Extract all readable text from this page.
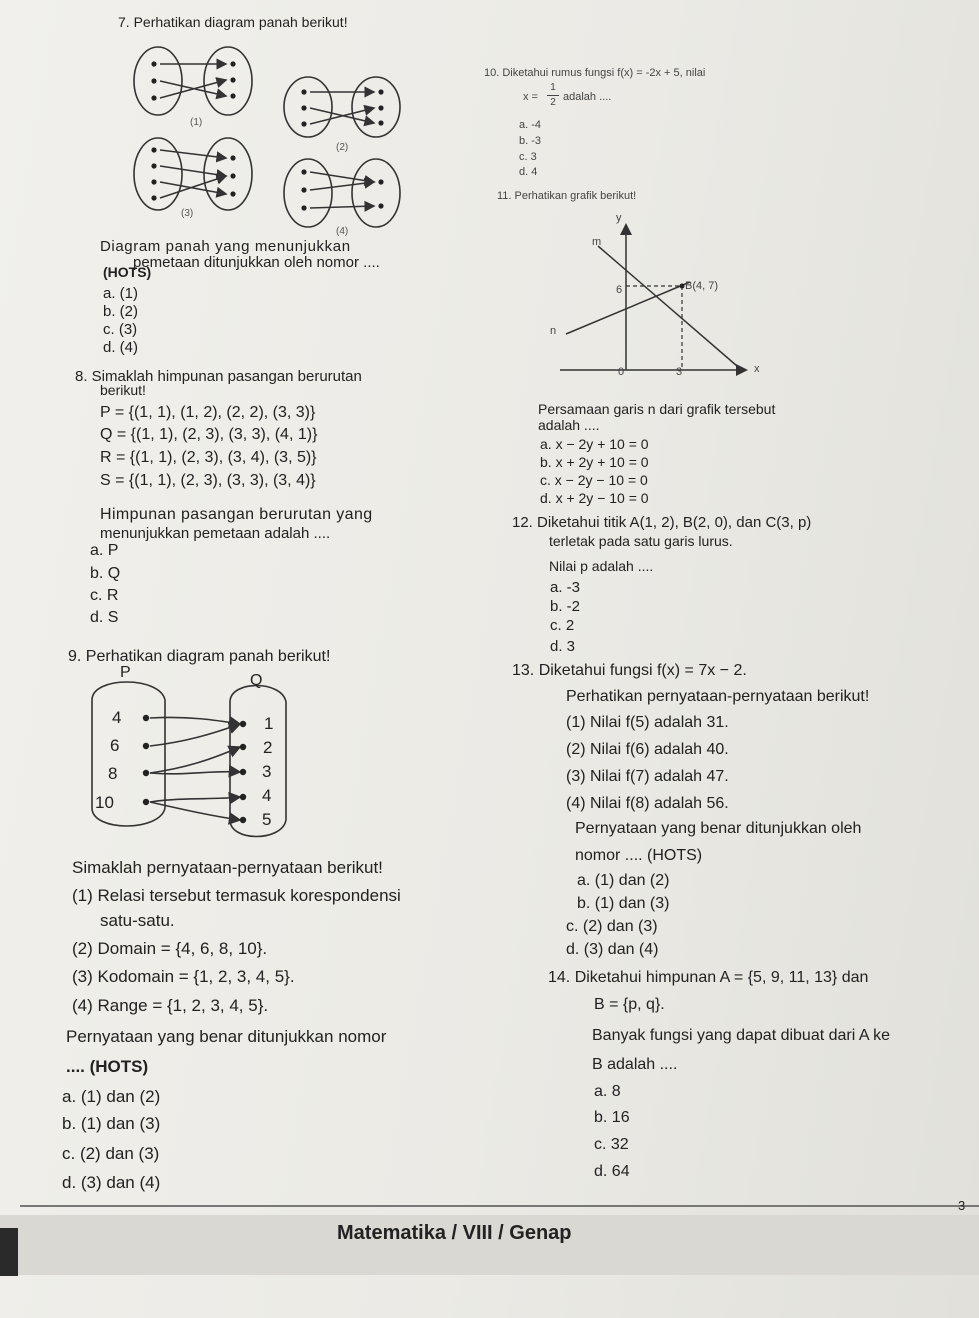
7. Perhatikan diagram panah berikut!
(1)
(2)
(3)
(4)
Diagram panah yang menunjukkan
pemetaan ditunjukkan oleh nomor ....
(HOTS)
a. (1)
b. (2)
c. (3)
d. (4)
8. Simaklah himpunan pasangan berurutan
berikut!
P = {(1, 1), (1, 2), (2, 2), (3, 3)}
Q = {(1, 1), (2, 3), (3, 3), (4, 1)}
R = {(1, 1), (2, 3), (3, 4), (3, 5)}
S = {(1, 1), (2, 3), (3, 3), (3, 4)}
Himpunan pasangan berurutan yang
menunjukkan pemetaan adalah ....
a. P
b. Q
c. R
d. S
9. Perhatikan diagram panah berikut!
P	Q
4
6
8
10
1
2
3
4
5
Simaklah pernyataan-pernyataan berikut!
(1) Relasi tersebut termasuk korespondensi
satu-satu.
(2) Domain = {4, 6, 8, 10}.
(3) Kodomain = {1, 2, 3, 4, 5}.
(4) Range = {1, 2, 3, 4, 5}.
Pernyataan yang benar ditunjukkan nomor
.... (HOTS)
a. (1) dan (2)
b. (1) dan (3)
c. (2) dan (3)
d. (3) dan (4)
10. Diketahui rumus fungsi f(x) = -2x + 5, nilai
x =
1
2 adalah ....
a. -4
b. -3
c. 3
d. 4
11. Perhatikan grafik berikut!
y
m
6	B(4, 7)
n
0	3	x
Persamaan garis n dari grafik tersebut
adalah ....
a. x − 2y + 10 = 0
b. x + 2y + 10 = 0
c. x − 2y − 10 = 0
d. x + 2y − 10 = 0
12. Diketahui titik A(1, 2), B(2, 0), dan C(3, p)
terletak pada satu garis lurus.
Nilai p adalah ....
a. -3
b. -2
c. 2
d. 3
13. Diketahui fungsi f(x) = 7x − 2.
Perhatikan pernyataan-pernyataan berikut!
(1) Nilai f(5) adalah 31.
(2) Nilai f(6) adalah 40.
(3) Nilai f(7) adalah 47.
(4) Nilai f(8) adalah 56.
Pernyataan yang benar ditunjukkan oleh
nomor .... (HOTS)
a. (1) dan (2)
b. (1) dan (3)
c. (2) dan (3)
d. (3) dan (4)
14. Diketahui himpunan A = {5, 9, 11, 13} dan
B = {p, q}.
Banyak fungsi yang dapat dibuat dari A ke
B adalah ....
a. 8
b. 16
c. 32
d. 64
Matematika / VIII / Genap
3
